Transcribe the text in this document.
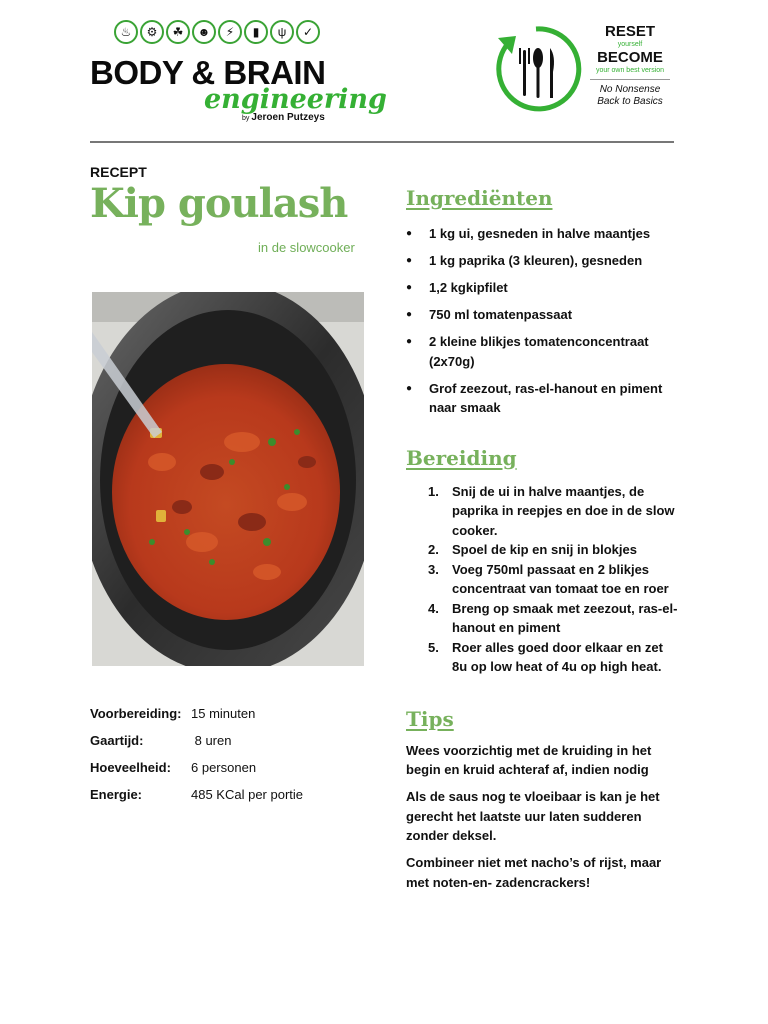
♨	⚙	☘	☻	⚡	▮	ψ	✓
BODY & BRAIN
engineering
by Jeroen Putzeys
RESET
yourself
BECOME
your own best version
No Nonsense
Back to Basics
RECEPT
Kip goulash
in de slowcooker
Voorbereiding: 15 minuten
Gaartijd:	8 uren
Hoeveelheid:	6 personen
Energie:	485 KCal per portie
Ingrediënten
● 1 kg ui, gesneden in halve maantjes
● 1 kg paprika (3 kleuren), gesneden
● 1,2 kgkipfilet
● 750 ml tomatenpassaat
● 2 kleine blikjes tomatenconcentraat (2x70g)
● Grof zeezout, ras-el-hanout en piment naar smaak
Bereiding
1. Snij de ui in halve maantjes, de paprika in reepjes en doe in de slow cooker.
2. Spoel de kip en snij in blokjes
3. Voeg 750ml passaat en 2 blikjes concentraat van tomaat toe en roer
4. Breng op smaak met zeezout, ras-el-hanout en piment
5. Roer alles goed door elkaar en zet 8u op low heat of 4u op high heat.
Tips

Wees voorzichtig met de kruiding in het begin en kruid achteraf af, indien nodig

Als de saus nog te vloeibaar is kan je het gerecht het laatste uur laten sudderen zonder deksel.

Combineer niet met nacho’s of rijst, maar met noten-en- zadencrackers!
